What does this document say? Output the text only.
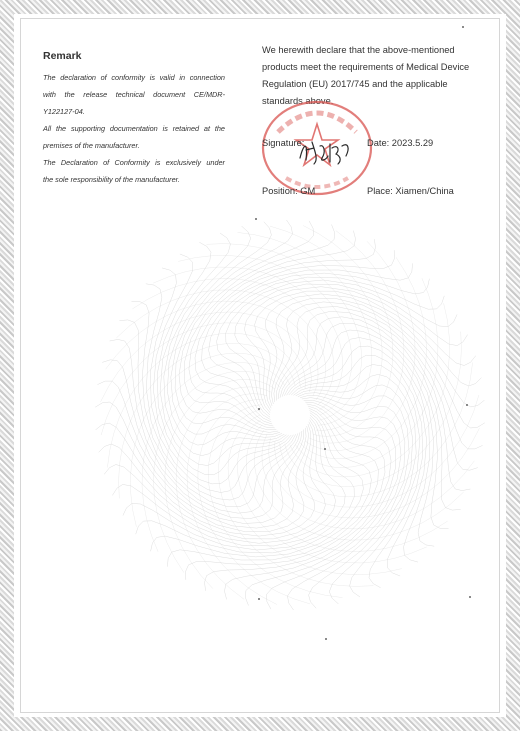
Remark

The declaration of conformity is valid in connection

with the release technical document CE/MDR-

Y122127-04.

All the supporting documentation is retained at the

premises of the manufacturer.

The Declaration of Conformity is exclusively under

the sole responsibility of the manufacturer.

We herewith declare that the above-mentioned

products meet the requirements of Medical Device

Regulation (EU) 2017/745 and the applicable

standards above.

Signature:	Date: 2023.5.29
Position: GM	Place: Xiamen/China
